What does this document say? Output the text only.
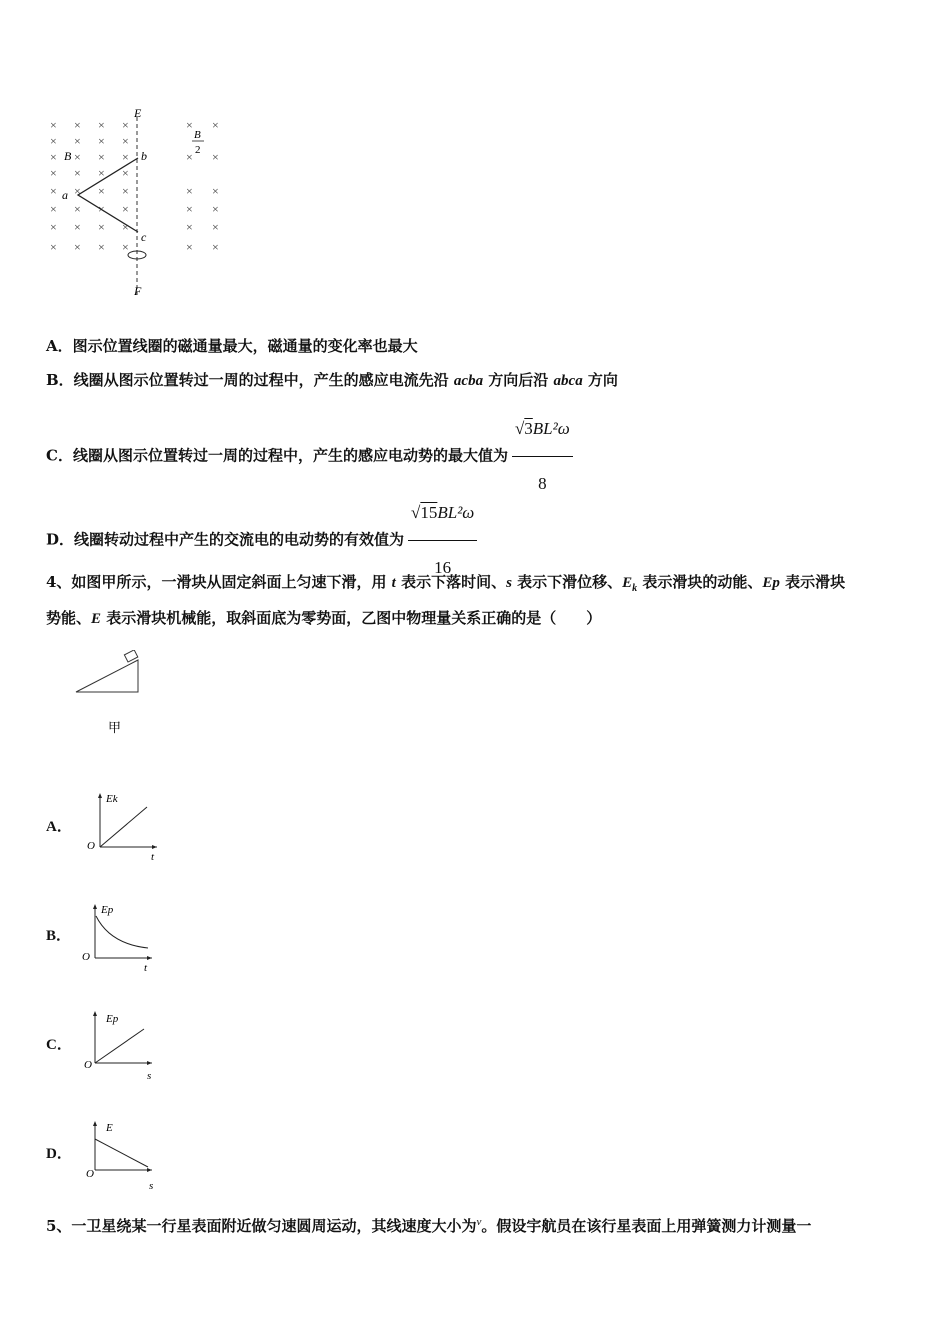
× × × ×	× ×
× × × ×
× × × ×	× ×
× × × ×
× × × ×	× ×
× × × ×	× ×
× × × ×	× ×
× × × ×	× ×
E
F
a
b
c
B
B
2
A．图示位置线圈的磁通量最大，磁通量的变化率也最大
B．线圈从图示位置转过一周的过程中，产生的感应电流先沿 acba 方向后沿 abca 方向
C．线圈从图示位置转过一周的过程中，产生的感应电动势的最大值为 $\frac{\text{√3BL²ω}}{8}$
D．线圈转动过程中产生的交流电的电动势的有效值为 $\frac{\text{√15BL²ω}}{16}$
4、如图甲所示，一滑块从固定斜面上匀速下滑，用 t 表示下落时间、s 表示下滑位移、$E_k$ 表示滑块的动能、Ep 表示滑块
势能、E 表示滑块机械能，取斜面底为零势面，乙图中物理量关系正确的是（　　）
甲
A．
Ek
O
t
B．
Ep
O
t
C．
Ep
O
s
D．
E
O
s
5、一卫星绕某一行星表面附近做匀速圆周运动，其线速度大小为$^v$。假设宇航员在该行星表面上用弹簧测力计测量一
